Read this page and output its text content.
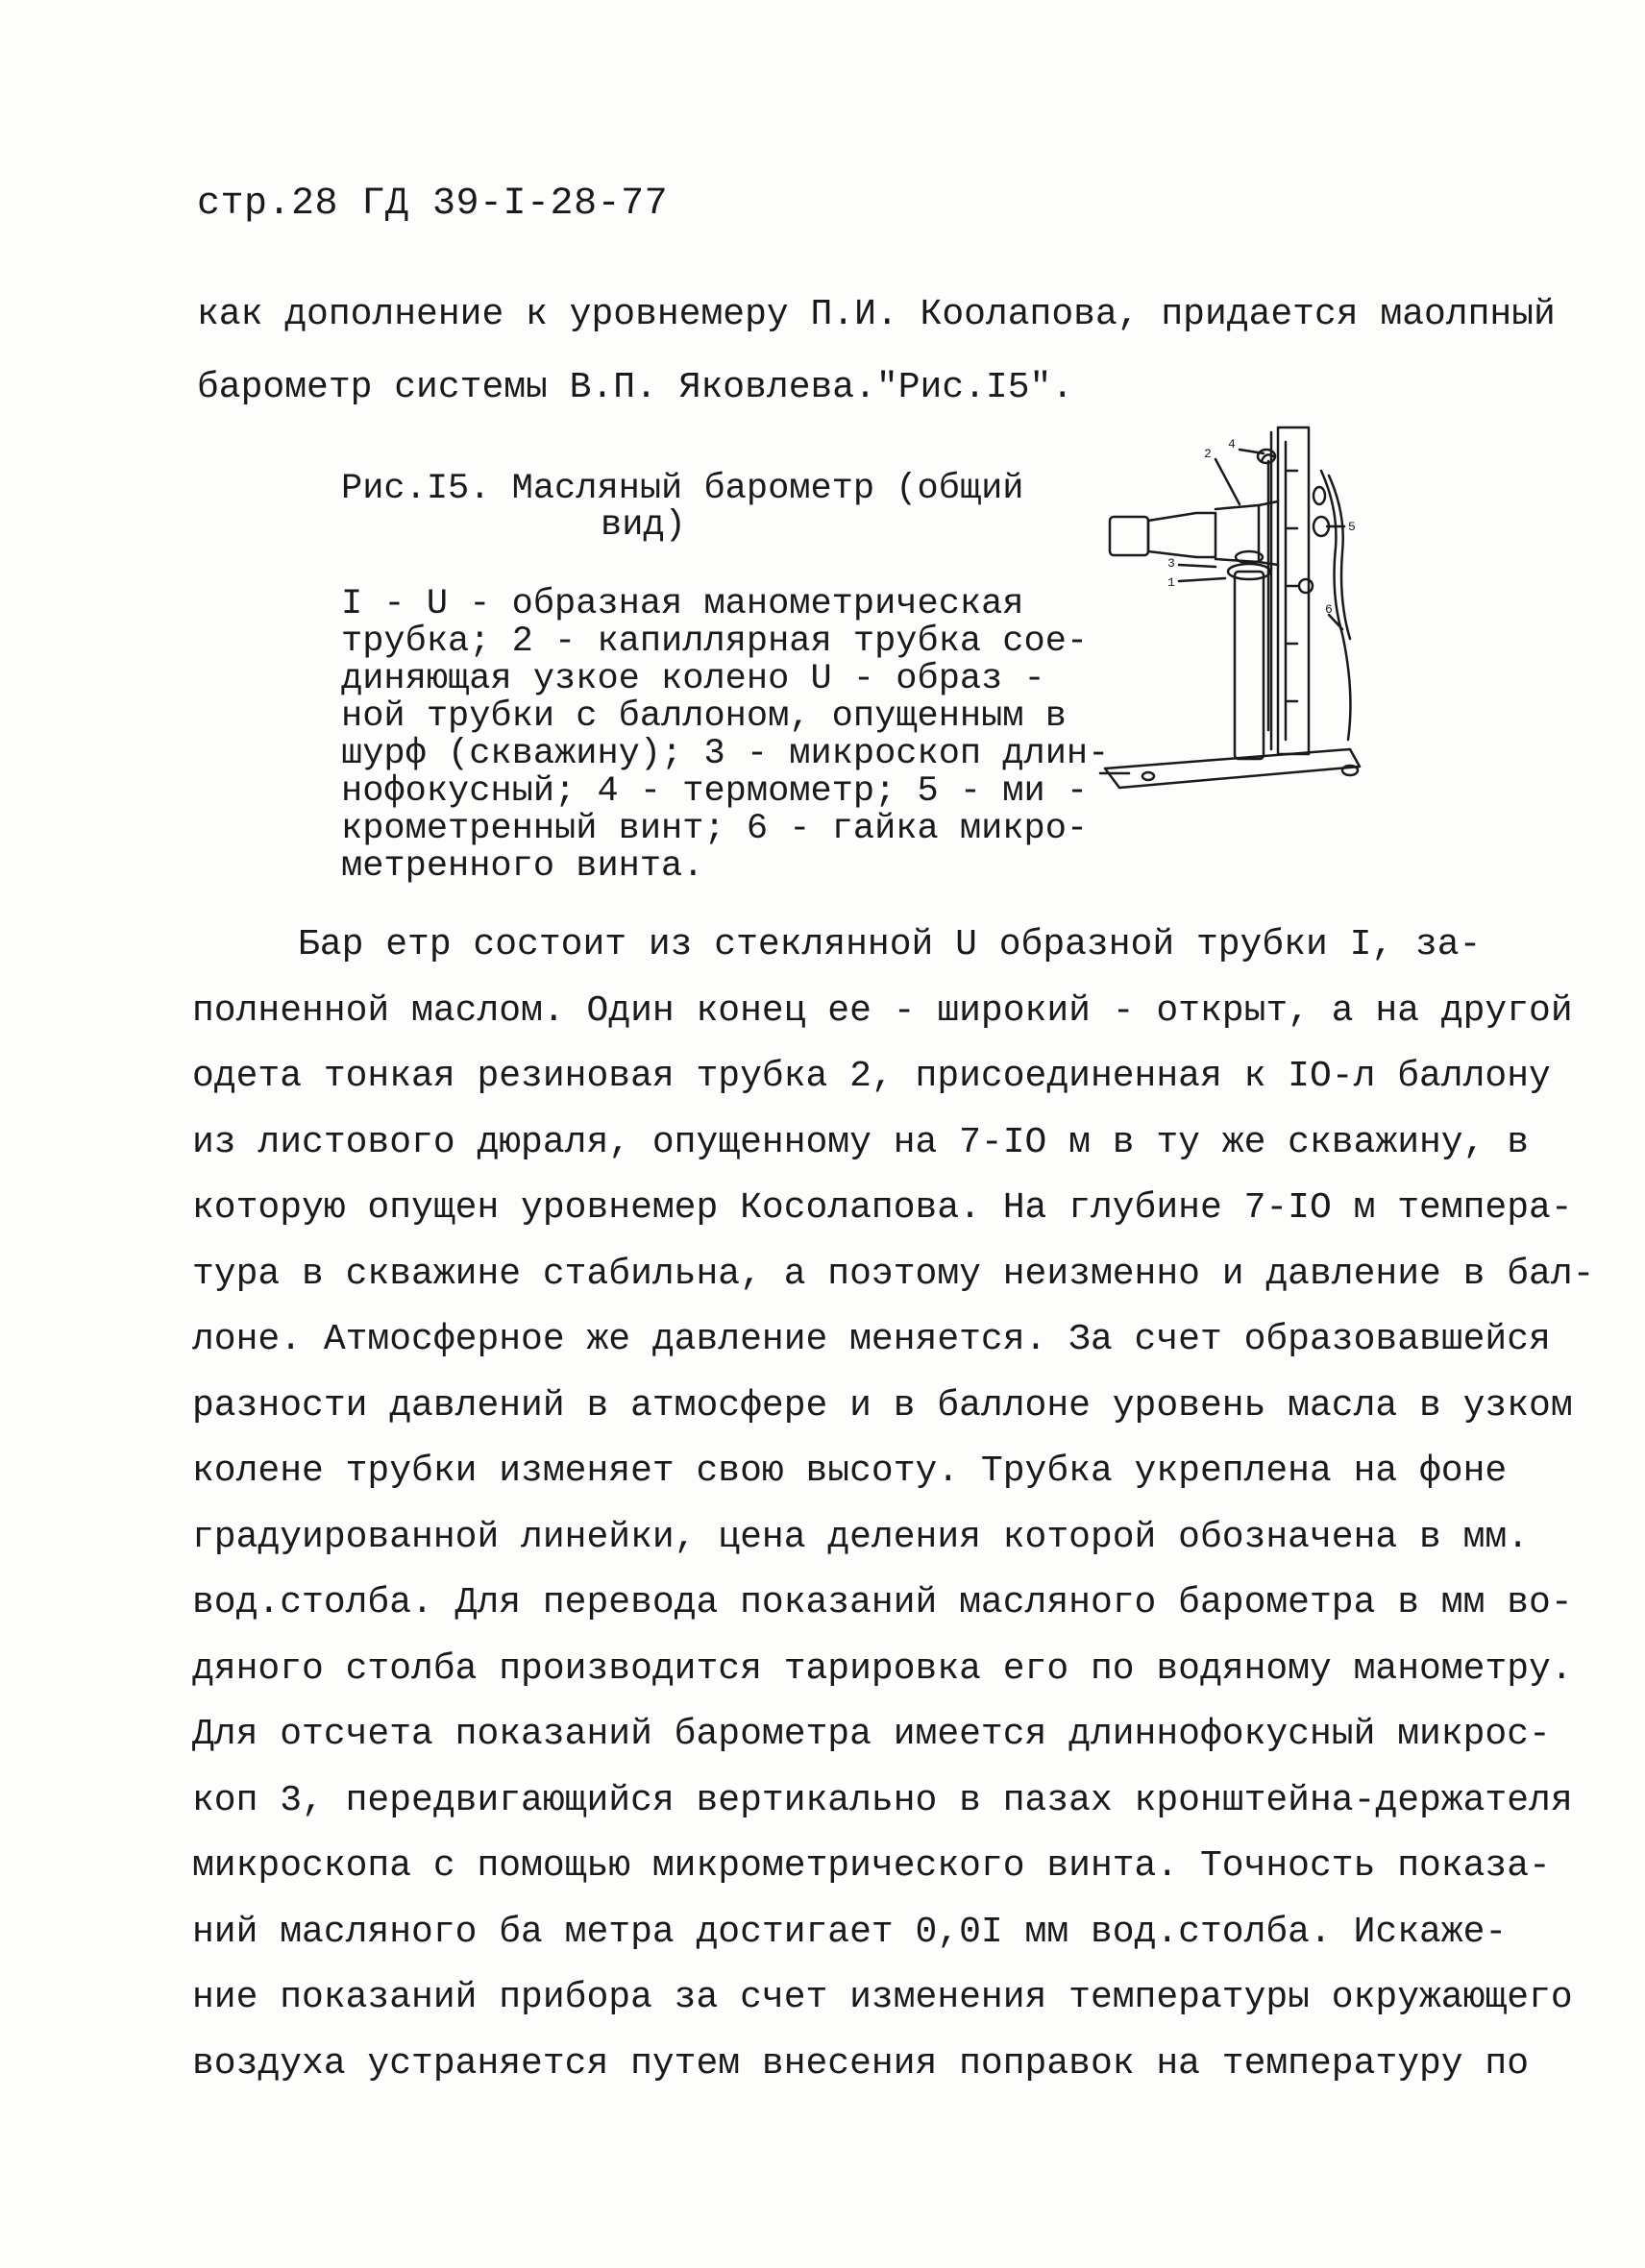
стр.28 ГД 39-I-28-77
как дополнение к уровнемеру П.И. Коолапова, придается маолпный
барометр системы В.П. Яковлева."Рис.I5".
Рис.I5. Масляный барометр (общий
вид)
I - U - образная манометрическая
трубка; 2 - капиллярная трубка сое-
диняющая узкое колено U - образ -
ной трубки с баллоном, опущенным в
шурф (скважину); 3 - микроскоп длин-
нофокусный; 4 - термометр; 5 - ми -
крометренный винт; 6 - гайка микро-
метренного винта.
2
4
5
3
1
6
Бар етр состоит из стеклянной U образной трубки I, за-
полненной маслом. Один конец ее - широкий - открыт, а на другой
одета тонкая резиновая трубка 2, присоединенная к IO-л баллону
из листового дюраля, опущенному на 7-IO м в ту же скважину, в
которую опущен уровнемер Косолапова. На глубине 7-IO м темпера-
тура в скважине стабильна, а поэтому неизменно и давление в бал-
лоне. Атмосферное же давление меняется. За счет образовавшейся
разности давлений в атмосфере и в баллоне уровень масла в узком
колене трубки изменяет свою высоту. Трубка укреплена на фоне
градуированной линейки, цена деления которой обозначена в мм.
вод.столба. Для перевода показаний масляного барометра в мм во-
дяного столба производится тарировка его по водяному манометру.
Для отсчета показаний барометра имеется длиннофокусный микрос-
коп 3, передвигающийся вертикально в пазах кронштейна-держателя
микроскопа с помощью микрометрического винта. Точность показа-
ний масляного ба метра достигает 0,0I мм вод.столба. Искаже-
ние показаний прибора за счет изменения температуры окружающего
воздуха устраняется путем внесения поправок на температуру по
